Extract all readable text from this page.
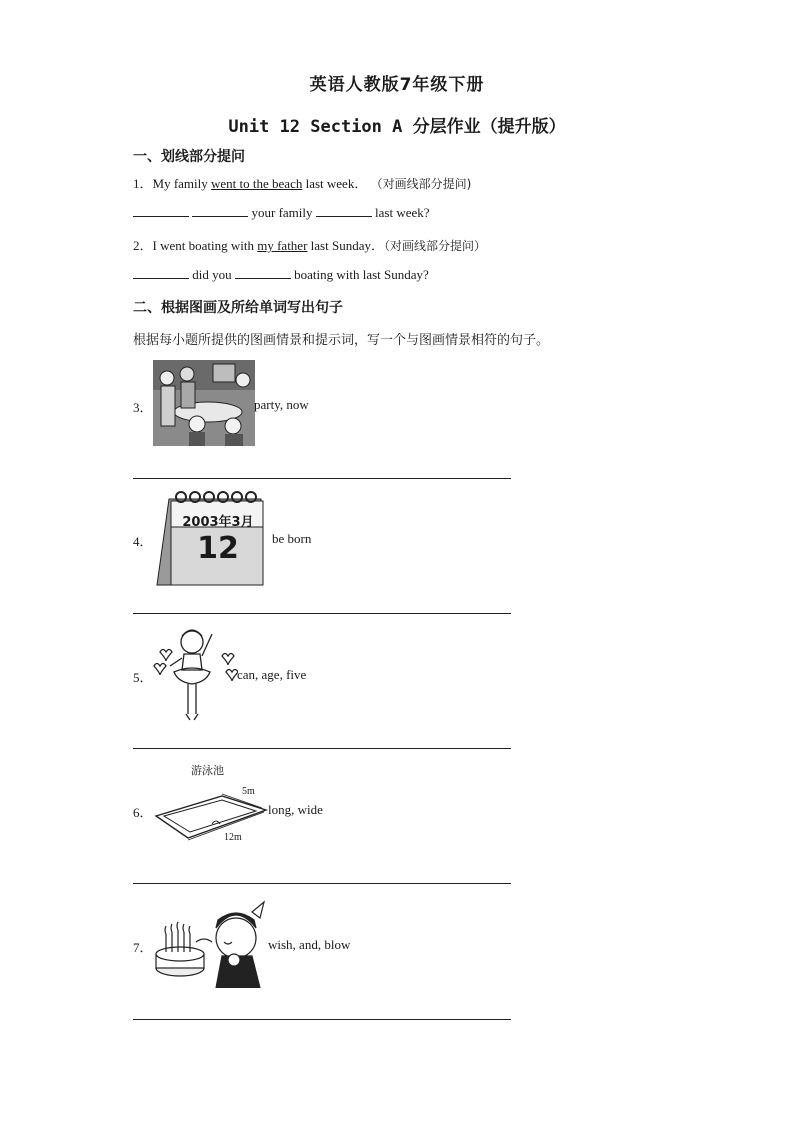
英语人教版7年级下册
Unit 12 Section A 分层作业（提升版）
一、划线部分提问
1．My family went to the beach last week． （对画线部分提问)
your family	last week?
2．I went boating with my father last Sunday．（对画线部分提问）
did you	boating with last Sunday?
二、根据图画及所给单词写出句子
根据每小题所提供的图画情景和提示词，写一个与图画情景相符的句子。
3．	party, now
4．
2003年3月
12	be born
5．	can, age, five
游泳池
6．
5m
12m
long, wide
7．	wish, and, blow
